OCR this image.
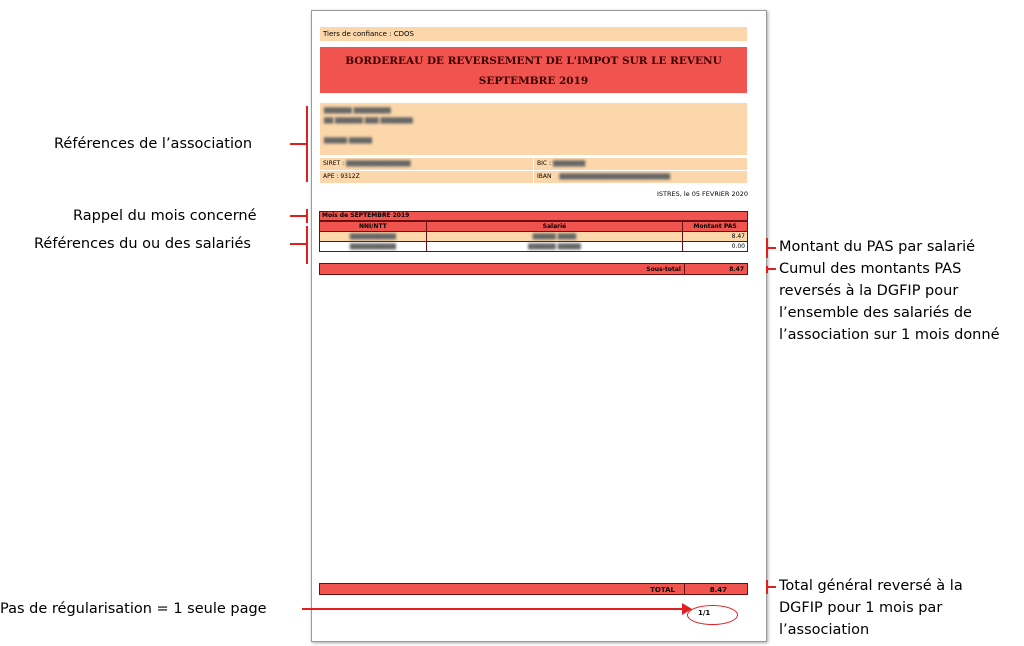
Tiers de confiance : CDOS
BORDEREAU DE REVERSEMENT DE L'IMPOT SUR LE REVENU
SEPTEMBRE 2019
▇▇▇▇▇▇ ▇▇▇▇▇▇▇▇
▇▇ ▇▇▇▇▇▇ ▇▇▇ ▇▇▇▇▇▇▇
▇▇▇▇▇ ▇▇▇▇▇
SIRET : ▇▇▇▇▇▇▇▇▇▇▇▇▇▇
APE : 9312Z
BIC : ▇▇▇▇▇▇▇
IBAN ▇▇▇▇▇▇▇▇▇▇▇▇▇▇▇▇▇▇▇▇▇▇▇▇
ISTRES, le 05 FEVRIER 2020
Mois de SEPTEMBRE 2019
NNI/NTT	Salarié	Montant PAS
▇▇▇▇▇▇▇▇▇▇	▇▇▇▇▇ ▇▇▇▇	8.47
▇▇▇▇▇▇▇▇▇▇	▇▇▇▇▇▇ ▇▇▇▇▇	0.00
Sous-total	8.47
TOTAL	8.47
1/1
Références de l’association
Rappel du mois concerné
Références du ou des salariés
Pas de régularisation = 1 seule page
Montant du PAS par salarié
Cumul des montants PAS
reversés à la DGFIP pour
l’ensemble des salariés de
l’association sur 1 mois donné
Total général reversé à la
DGFIP pour 1 mois par
l’association
